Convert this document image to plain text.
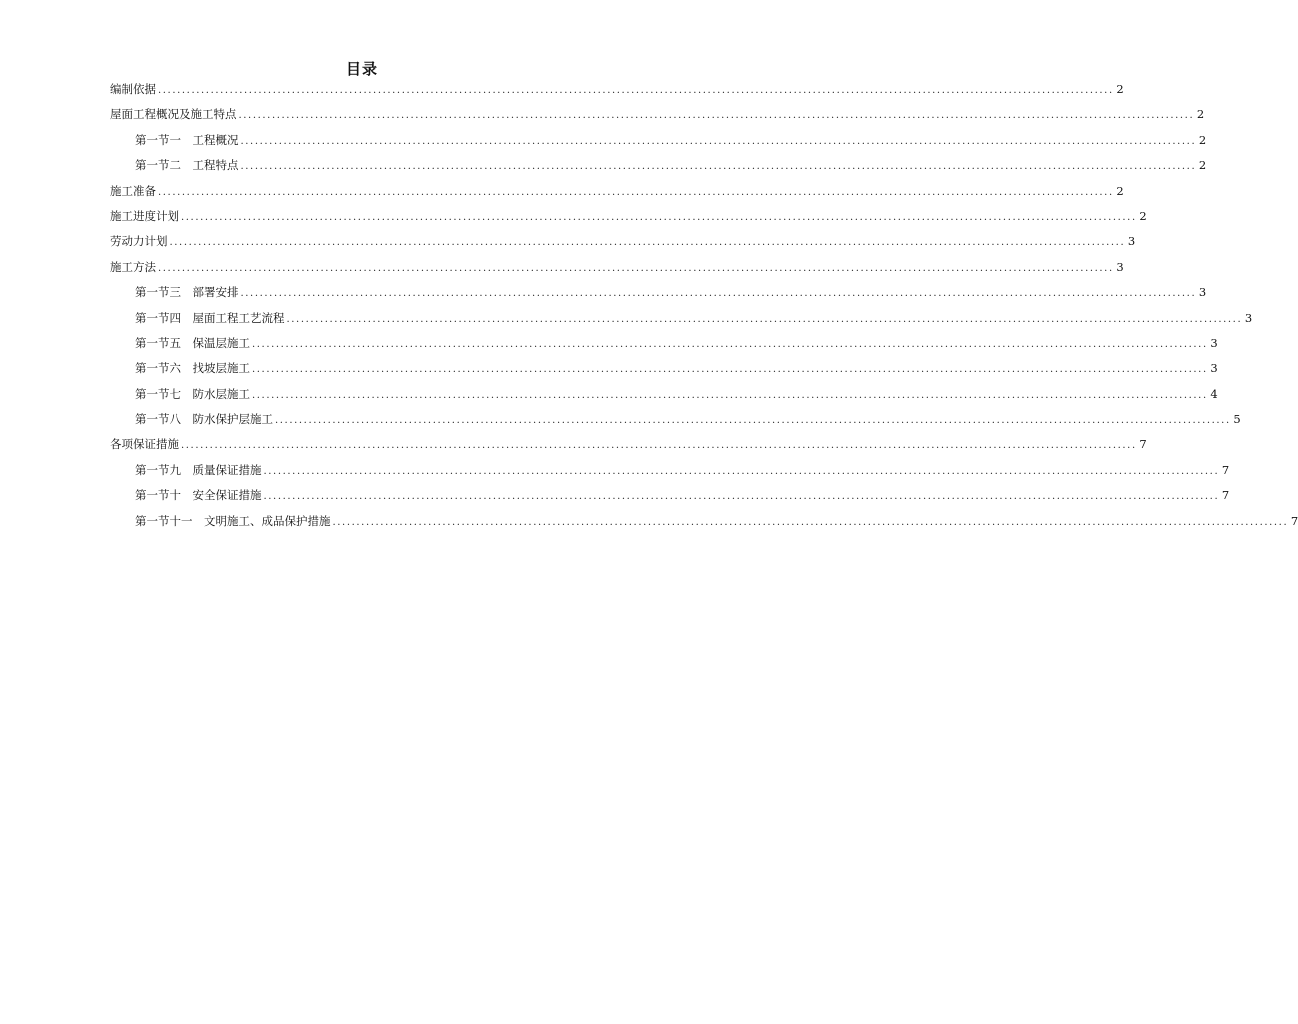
目录
编制依据 ........................................................................................................................................................................................................ 2
屋面工程概况及施工特点 ........................................................................................................................................................................................................ 2
第一节一　工程概况 ........................................................................................................................................................................................................ 2
第一节二　工程特点 ........................................................................................................................................................................................................ 2
施工准备 ........................................................................................................................................................................................................ 2
施工进度计划 ........................................................................................................................................................................................................ 2
劳动力计划 ........................................................................................................................................................................................................ 3
施工方法 ........................................................................................................................................................................................................ 3
第一节三　部署安排 ........................................................................................................................................................................................................ 3
第一节四　屋面工程工艺流程 ........................................................................................................................................................................................................ 3
第一节五　保温层施工 ........................................................................................................................................................................................................ 3
第一节六　找坡层施工 ........................................................................................................................................................................................................ 3
第一节七　防水层施工 ........................................................................................................................................................................................................ 4
第一节八　防水保护层施工 ........................................................................................................................................................................................................ 5
各项保证措施 ........................................................................................................................................................................................................ 7
第一节九　质量保证措施 ........................................................................................................................................................................................................ 7
第一节十　安全保证措施 ........................................................................................................................................................................................................ 7
第一节十一　文明施工、成品保护措施 ........................................................................................................................................................................................................ 7
